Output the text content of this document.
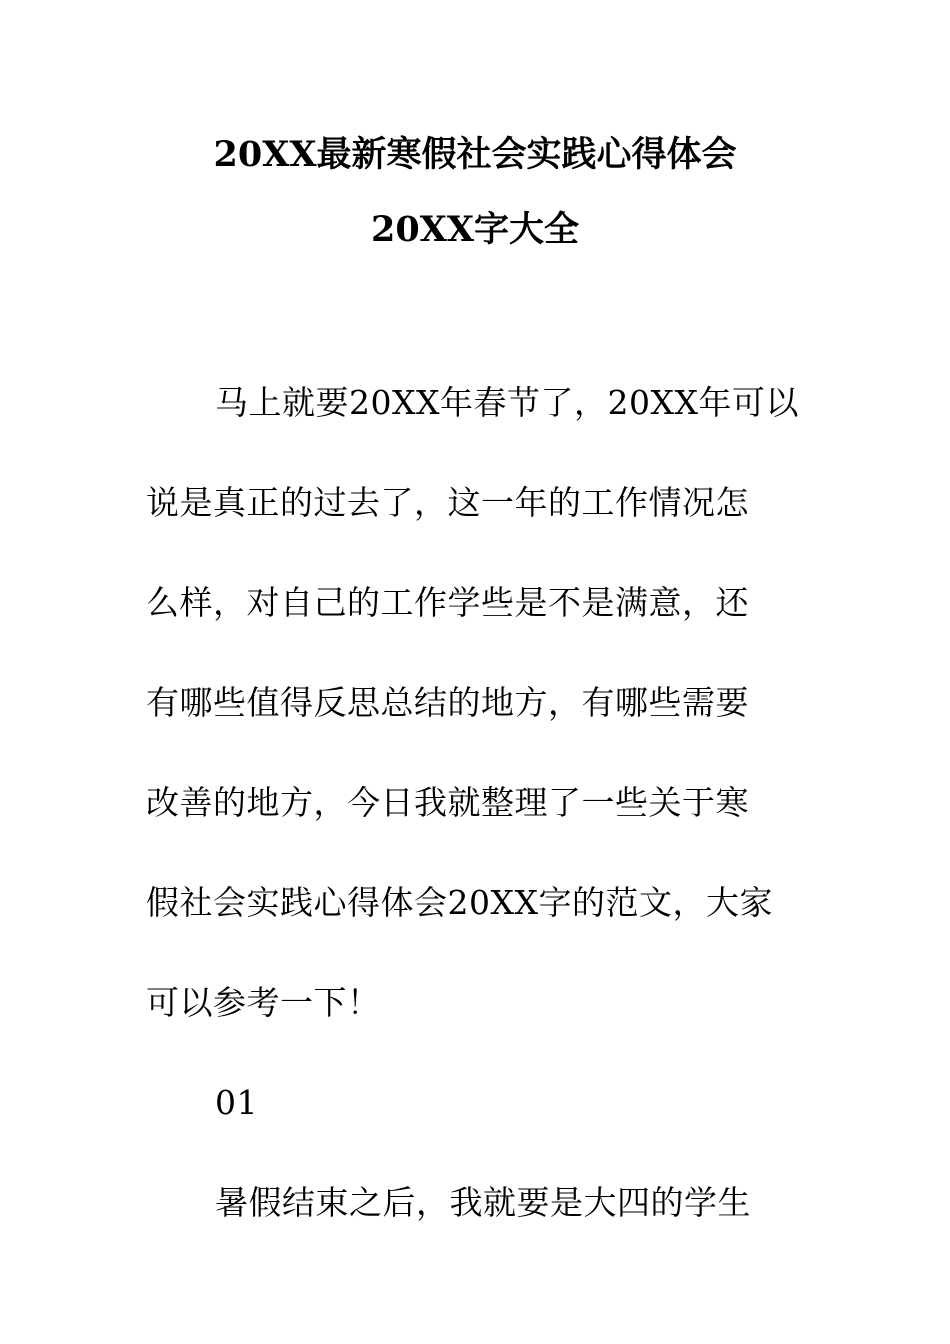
20XX最新寒假社会实践心得体会
20XX字大全
马上就要20XX年春节了，20XX年可以
说是真正的过去了，这一年的工作情况怎
么样，对自己的工作学些是不是满意，还
有哪些值得反思总结的地方，有哪些需要
改善的地方，今日我就整理了一些关于寒
假社会实践心得体会20XX字的范文，大家
可以参考一下！
01
暑假结束之后，我就要是大四的学生
